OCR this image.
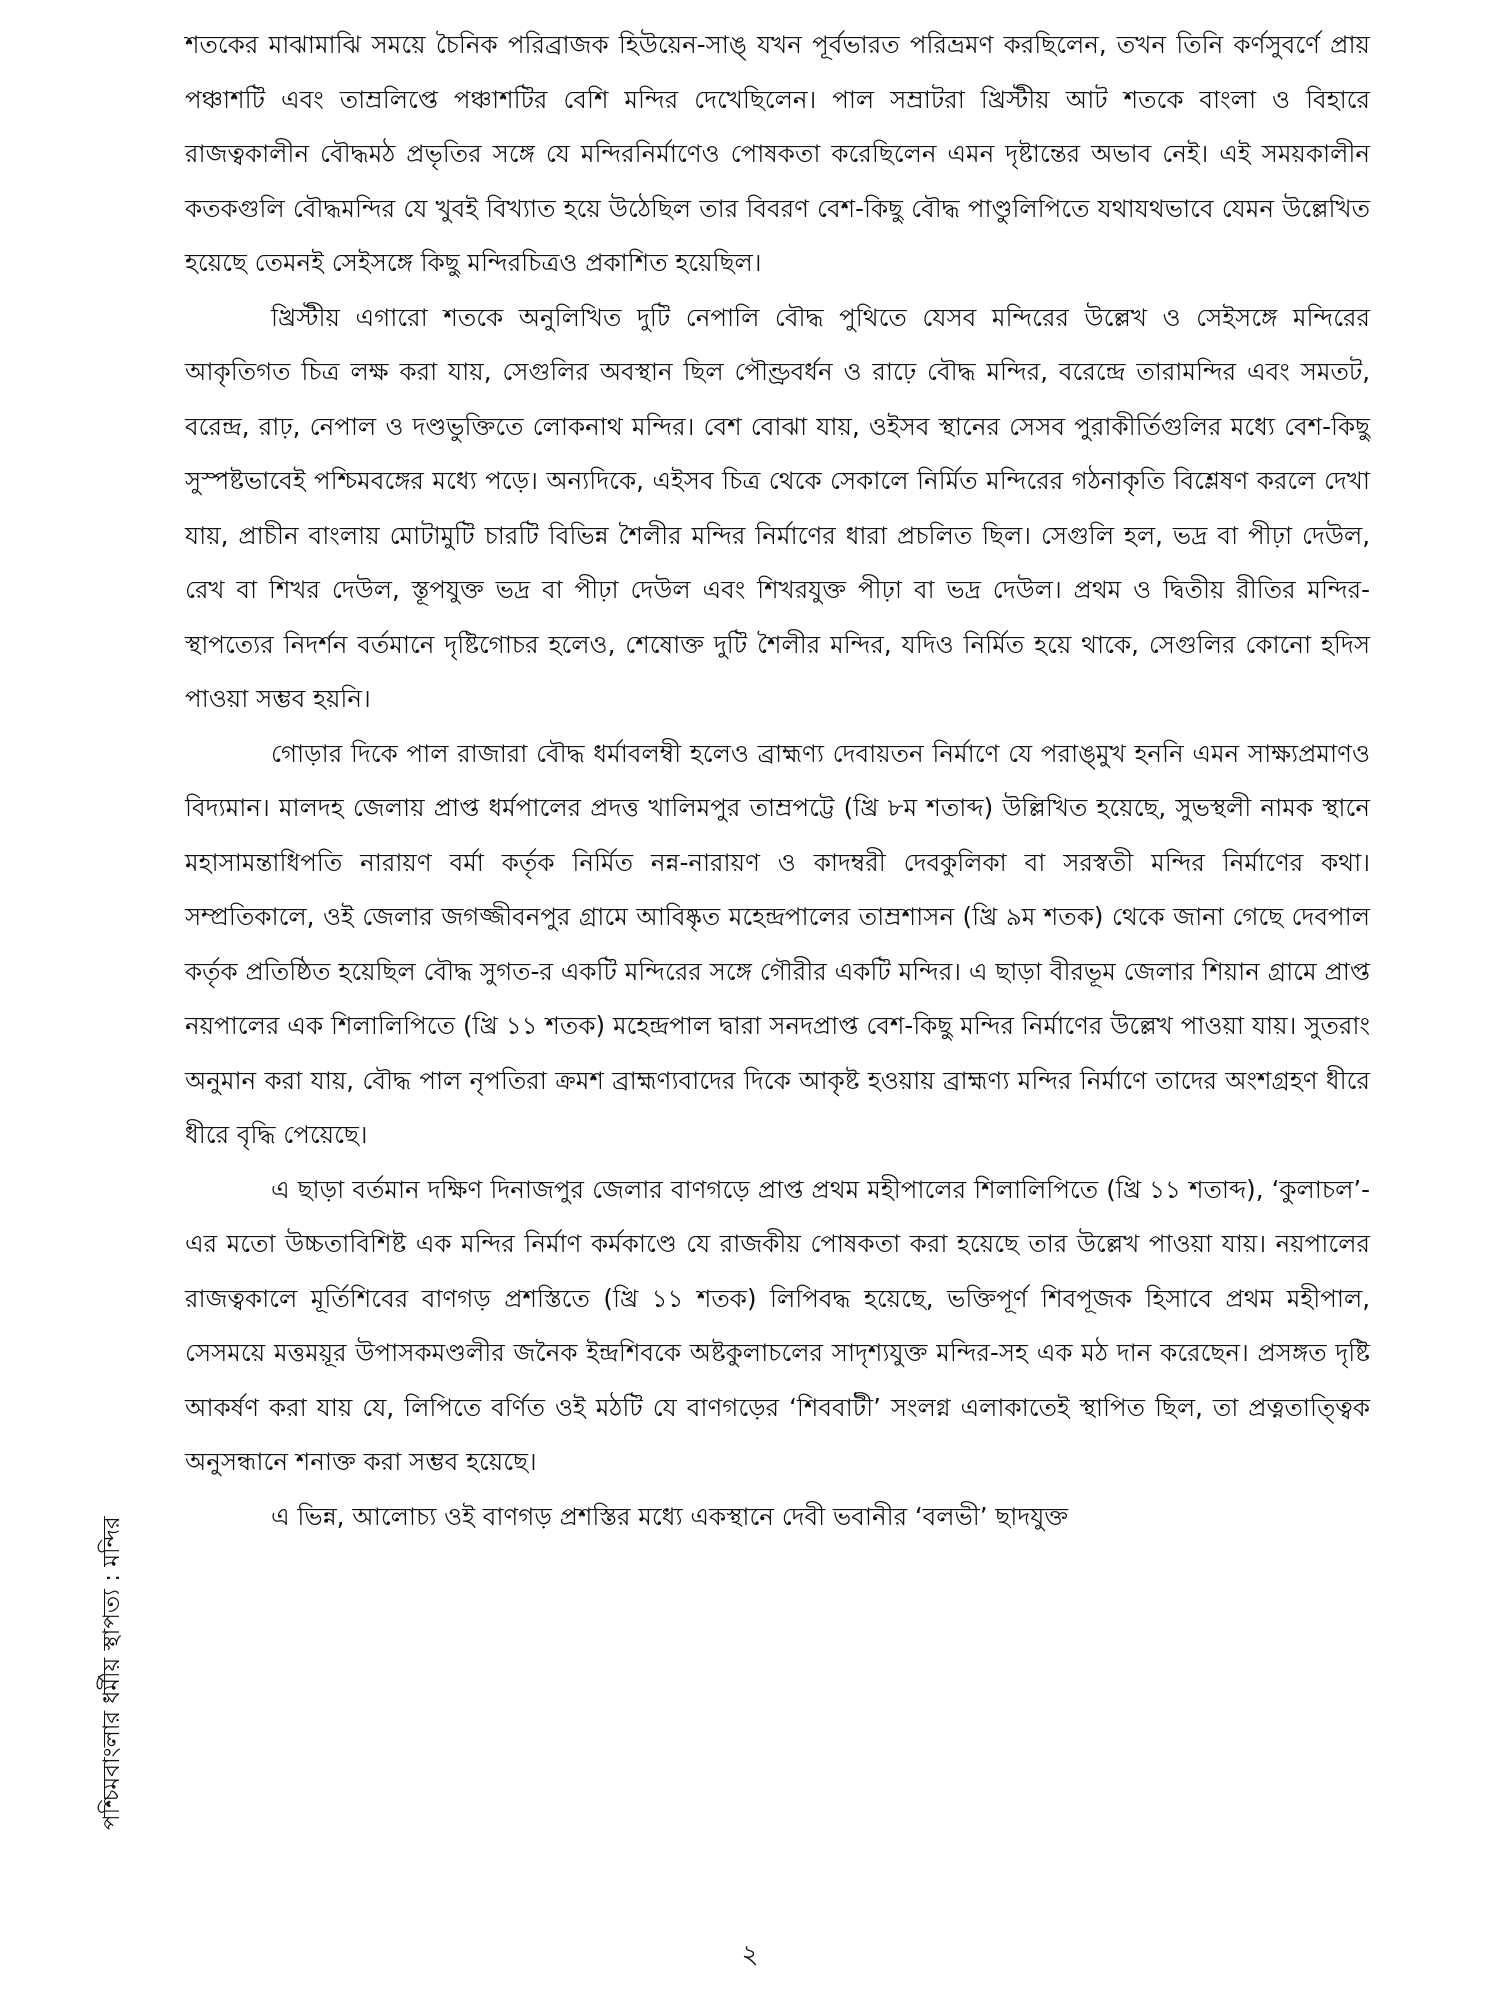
শতকের মাঝামাঝি সময়ে চৈনিক পরিব্রাজক হিউয়েন-সাঙ্‌ যখন পূর্বভারত পরিভ্রমণ করছিলেন, তখন তিনি কর্ণসুবর্ণে প্রায় পঞ্চাশটি এবং তাম্রলিপ্তে পঞ্চাশটির বেশি মন্দির দেখেছিলেন। পাল সম্রাটরা খ্রিস্টীয় আট শতকে বাংলা ও বিহারে রাজত্বকালীন বৌদ্ধমঠ প্রভৃতির সঙ্গে যে মন্দিরনির্মাণেও পোষকতা করেছিলেন এমন দৃষ্টান্তের অভাব নেই। এই সময়কালীন কতকগুলি বৌদ্ধমন্দির যে খুবই বিখ্যাত হয়ে উঠেছিল তার বিবরণ বেশ-কিছু বৌদ্ধ পাণ্ডুলিপিতে যথাযথভাবে যেমন উল্লেখিত হয়েছে তেমনই সেইসঙ্গে কিছু মন্দিরচিত্রও প্রকাশিত হয়েছিল।

খ্রিস্টীয় এগারো শতকে অনুলিখিত দুটি নেপালি বৌদ্ধ পুথিতে যেসব মন্দিরের উল্লেখ ও সেইসঙ্গে মন্দিরের আকৃতিগত চিত্র লক্ষ করা যায়, সেগুলির অবস্থান ছিল পৌণ্ড্রবর্ধন ও রাঢ়ে বৌদ্ধ মন্দির, বরেন্দ্রে তারামন্দির এবং সমতট, বরেন্দ্র, রাঢ়, নেপাল ও দণ্ডভুক্তিতে লোকনাথ মন্দির। বেশ বোঝা যায়, ওইসব স্থানের সেসব পুরাকীর্তিগুলির মধ্যে বেশ-কিছু সুস্পষ্টভাবেই পশ্চিমবঙ্গের মধ্যে পড়ে। অন্যদিকে, এইসব চিত্র থেকে সেকালে নির্মিত মন্দিরের গঠনাকৃতি বিশ্লেষণ করলে দেখা যায়, প্রাচীন বাংলায় মোটামুটি চারটি বিভিন্ন শৈলীর মন্দির নির্মাণের ধারা প্রচলিত ছিল। সেগুলি হল, ভদ্র বা পীঢ়া দেউল, রেখ বা শিখর দেউল, স্তূপযুক্ত ভদ্র বা পীঢ়া দেউল এবং শিখরযুক্ত পীঢ়া বা ভদ্র দেউল। প্রথম ও দ্বিতীয় রীতির মন্দির-স্থাপত্যের নিদর্শন বর্তমানে দৃষ্টিগোচর হলেও, শেষোক্ত দুটি শৈলীর মন্দির, যদিও নির্মিত হয়ে থাকে, সেগুলির কোনো হদিস পাওয়া সম্ভব হয়নি।

গোড়ার দিকে পাল রাজারা বৌদ্ধ ধর্মাবলম্বী হলেও ব্রাহ্মণ্য দেবায়তন নির্মাণে যে পরাঙ্‌মুখ হননি এমন সাক্ষ্যপ্রমাণও বিদ্যমান। মালদহ জেলায় প্রাপ্ত ধর্মপালের প্রদত্ত খালিমপুর তাম্রপট্টে (খ্রি ৮ম শতাব্দ) উল্লিখিত হয়েছে, সুভস্থলী নামক স্থানে মহাসামন্তাধিপতি নারায়ণ বর্মা কর্তৃক নির্মিত নন্ন-নারায়ণ ও কাদম্বরী দেবকুলিকা বা সরস্বতী মন্দির নির্মাণের কথা। সম্প্রতিকালে, ওই জেলার জগজ্জীবনপুর গ্রামে আবিষ্কৃত মহেন্দ্রপালের তাম্রশাসন (খ্রি ৯ম শতক) থেকে জানা গেছে দেবপাল কর্তৃক প্রতিষ্ঠিত হয়েছিল বৌদ্ধ সুগত-র একটি মন্দিরের সঙ্গে গৌরীর একটি মন্দির। এ ছাড়া বীরভূম জেলার শিয়ান গ্রামে প্রাপ্ত নয়পালের এক শিলালিপিতে (খ্রি ১১ শতক) মহেন্দ্রপাল দ্বারা সনদপ্রাপ্ত বেশ-কিছু মন্দির নির্মাণের উল্লেখ পাওয়া যায়। সুতরাং অনুমান করা যায়, বৌদ্ধ পাল নৃপতিরা ক্রমশ ব্রাহ্মণ্যবাদের দিকে আকৃষ্ট হওয়ায় ব্রাহ্মণ্য মন্দির নির্মাণে তাদের অংশগ্রহণ ধীরে ধীরে বৃদ্ধি পেয়েছে।

এ ছাড়া বর্তমান দক্ষিণ দিনাজপুর জেলার বাণগড়ে প্রাপ্ত প্রথম মহীপালের শিলালিপিতে (খ্রি ১১ শতাব্দ), ‘কুলাচল’-এর মতো উচ্চতাবিশিষ্ট এক মন্দির নির্মাণ কর্মকাণ্ডে যে রাজকীয় পোষকতা করা হয়েছে তার উল্লেখ পাওয়া যায়। নয়পালের রাজত্বকালে মূর্তিশিবের বাণগড় প্রশস্তিতে (খ্রি ১১ শতক) লিপিবদ্ধ হয়েছে, ভক্তিপূর্ণ শিবপূজক হিসাবে প্রথম মহীপাল, সেসময়ে মত্তময়ূর উপাসকমণ্ডলীর জনৈক ইন্দ্রশিবকে অষ্টকুলাচলের সাদৃশ্যযুক্ত মন্দির-সহ এক মঠ দান করেছেন। প্রসঙ্গত দৃষ্টি আকর্ষণ করা যায় যে, লিপিতে বর্ণিত ওই মঠটি যে বাণগড়ের ‘শিববাটী’ সংলগ্ন এলাকাতেই স্থাপিত ছিল, তা প্রত্নতাত্ত্বিক অনুসন্ধানে শনাক্ত করা সম্ভব হয়েছে।

এ ভিন্ন, আলোচ্য ওই বাণগড় প্রশস্তির মধ্যে একস্থানে দেবী ভবানীর ‘বলভী’ ছাদযুক্ত

পশ্চিমবাংলার ধর্মীয় স্থাপত্য : মন্দির
২
